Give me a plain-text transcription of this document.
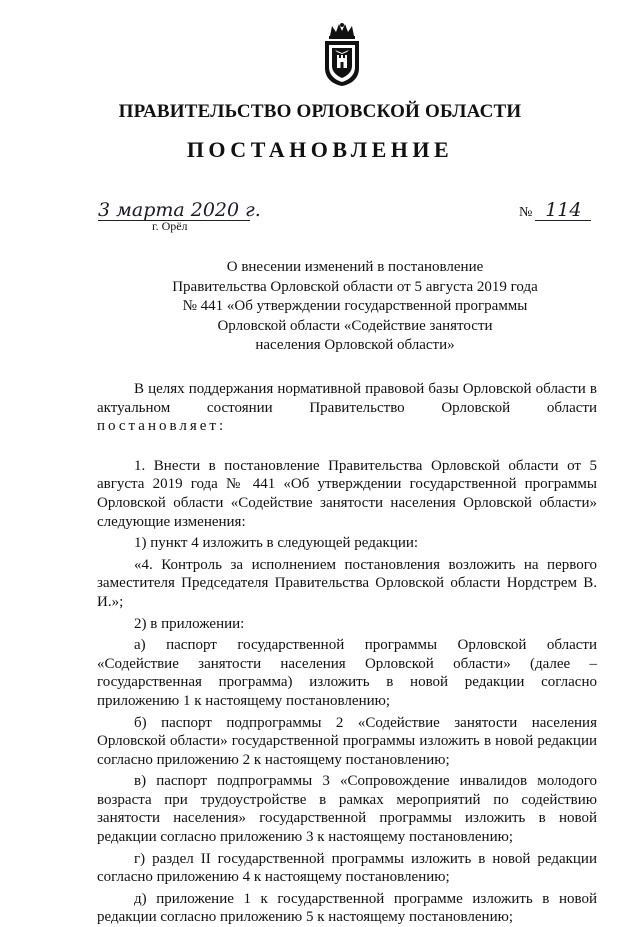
ПРАВИТЕЛЬСТВО ОРЛОВСКОЙ ОБЛАСТИ
ПОСТАНОВЛЕНИЕ
3 марта 2020 г.
г. Орёл
№ 114
О внесении изменений в постановление
Правительства Орловской области от 5 августа 2019 года
№ 441 «Об утверждении государственной программы
Орловской области «Содействие занятости
населения Орловской области»

В целях поддержания нормативной правовой базы Орловской области в актуальном состоянии Правительство Орловской области постановляет:

1. Внести в постановление Правительства Орловской области от 5 августа 2019 года № 441 «Об утверждении государственной программы Орловской области «Содействие занятости населения Орловской области» следующие изменения:

1) пункт 4 изложить в следующей редакции:

«4. Контроль за исполнением постановления возложить на первого заместителя Председателя Правительства Орловской области Нордстрем В. И.»;

2) в приложении:

а) паспорт государственной программы Орловской области «Содействие занятости населения Орловской области» (далее – государственная программа) изложить в новой редакции согласно приложению 1 к настоящему постановлению;

б) паспорт подпрограммы 2 «Содействие занятости населения Орловской области» государственной программы изложить в новой редакции согласно приложению 2 к настоящему постановлению;

в) паспорт подпрограммы 3 «Сопровождение инвалидов молодого возраста при трудоустройстве в рамках мероприятий по содействию занятости населения» государственной программы изложить в новой редакции согласно приложению 3 к настоящему постановлению;

г) раздел II государственной программы изложить в новой редакции согласно приложению 4 к настоящему постановлению;

д) приложение 1 к государственной программе изложить в новой редакции согласно приложению 5 к настоящему постановлению;
